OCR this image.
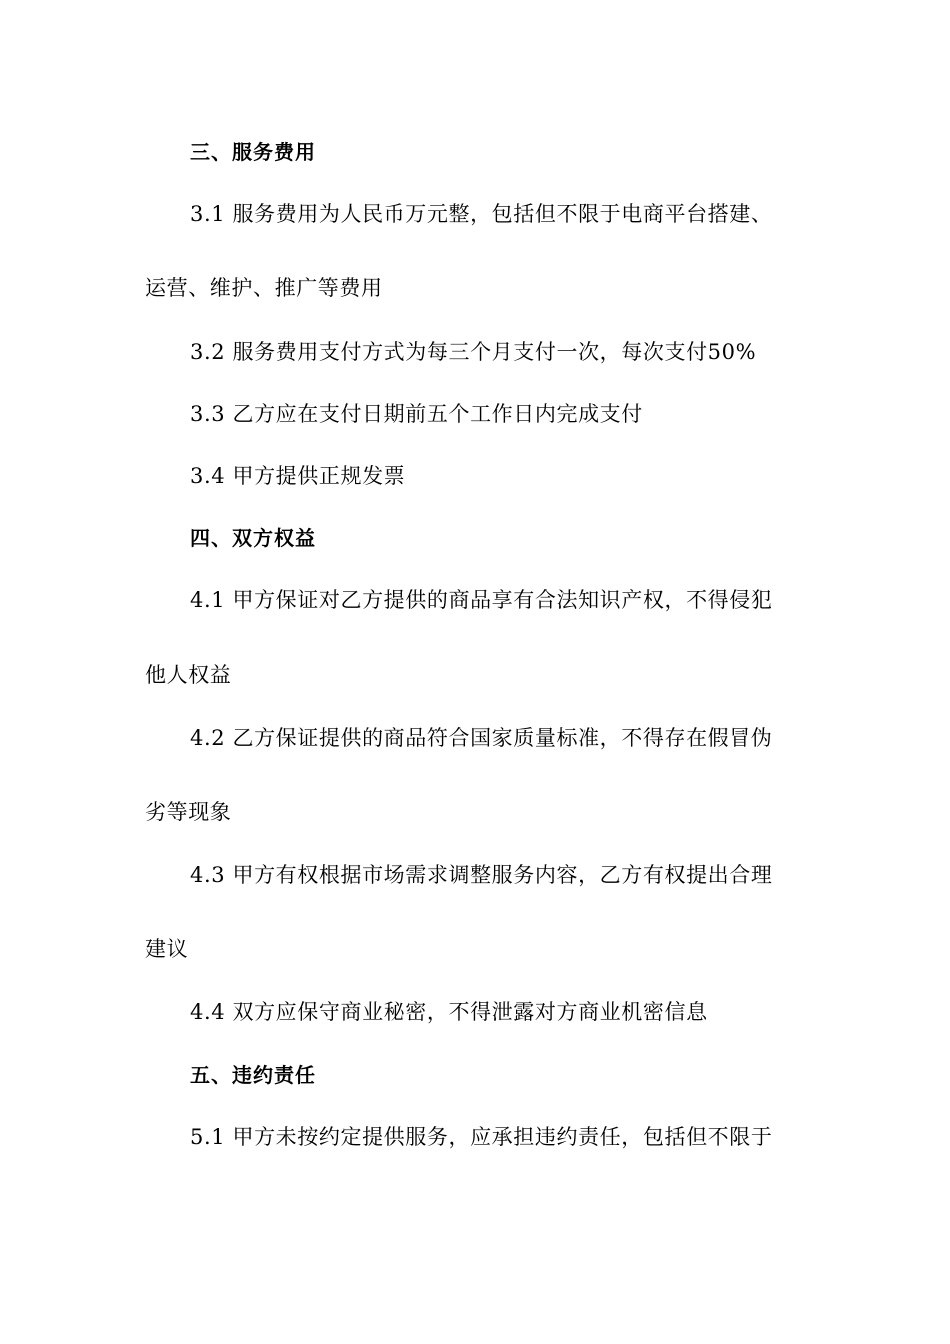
三、服务费用
3.1 服务费用为人民币万元整，包括但不限于电商平台搭建、
运营、维护、推广等费用
3.2 服务费用支付方式为每三个月支付一次，每次支付50%
3.3 乙方应在支付日期前五个工作日内完成支付
3.4 甲方提供正规发票
四、双方权益
4.1 甲方保证对乙方提供的商品享有合法知识产权，不得侵犯
他人权益
4.2 乙方保证提供的商品符合国家质量标准，不得存在假冒伪
劣等现象
4.3 甲方有权根据市场需求调整服务内容，乙方有权提出合理
建议
4.4 双方应保守商业秘密，不得泄露对方商业机密信息
五、违约责任
5.1 甲方未按约定提供服务，应承担违约责任，包括但不限于
